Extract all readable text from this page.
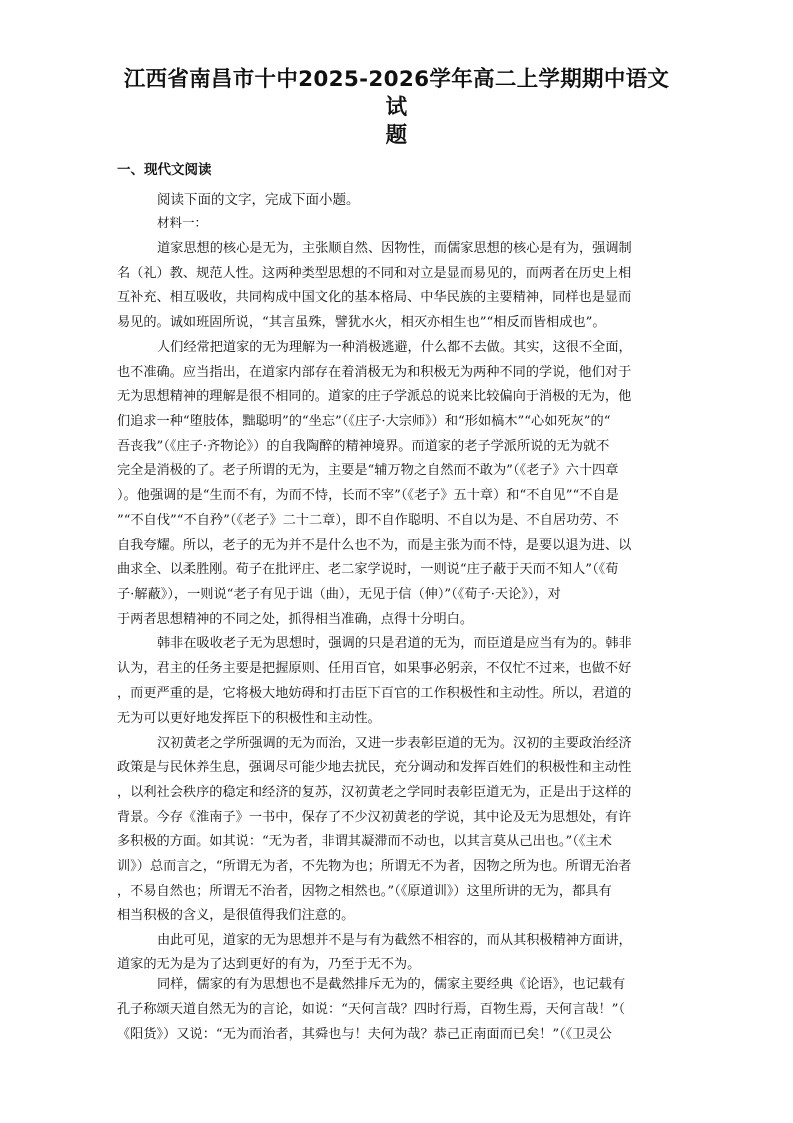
江西省南昌市十中2025-2026学年高二上学期期中语文试
题
一、现代文阅读

阅读下面的文字，完成下面小题。

材料一：

道家思想的核心是无为，主张顺自然、因物性，而儒家思想的核心是有为，强调制

名（礼）教、规范人性。这两种类型思想的不同和对立是显而易见的，而两者在历史上相

互补充、相互吸收，共同构成中国文化的基本格局、中华民族的主要精神，同样也是显而

易见的。诚如班固所说，“其言虽殊，譬犹水火，相灭亦相生也”“相反而皆相成也”。

人们经常把道家的无为理解为一种消极逃避，什么都不去做。其实，这很不全面，

也不准确。应当指出，在道家内部存在着消极无为和积极无为两种不同的学说，他们对于

无为思想精神的理解是很不相同的。道家的庄子学派总的说来比较偏向于消极的无为，他

们追求一种“堕肢体，黜聪明”的“坐忘”（《庄子·大宗师》）和“形如槁木”“心如死灰”的“

吾丧我”（《庄子·齐物论》）的自我陶醉的精神境界。而道家的老子学派所说的无为就不

完全是消极的了。老子所谓的无为，主要是“辅万物之自然而不敢为”（《老子》六十四章

）。他强调的是“生而不有，为而不恃，长而不宰”（《老子》五十章）和“不自见”“不自是

”“不自伐”“不自矜”（《老子》二十二章），即不自作聪明、不自以为是、不自居功劳、不

自我夸耀。所以，老子的无为并不是什么也不为，而是主张为而不恃，是要以退为进、以

曲求全、以柔胜刚。荀子在批评庄、老二家学说时，一则说“庄子蔽于天而不知人”（《荀

子·解蔽》），一则说“老子有见于诎（曲），无见于信（伸）”（《荀子·天论》），对

于两者思想精神的不同之处，抓得相当准确，点得十分明白。

韩非在吸收老子无为思想时，强调的只是君道的无为，而臣道是应当有为的。韩非

认为，君主的任务主要是把握原则、任用百官，如果事必躬亲，不仅忙不过来，也做不好

，而更严重的是，它将极大地妨碍和打击臣下百官的工作积极性和主动性。所以，君道的

无为可以更好地发挥臣下的积极性和主动性。

汉初黄老之学所强调的无为而治，又进一步表彰臣道的无为。汉初的主要政治经济

政策是与民休养生息，强调尽可能少地去扰民，充分调动和发挥百姓们的积极性和主动性

，以利社会秩序的稳定和经济的复苏，汉初黄老之学同时表彰臣道无为，正是出于这样的

背景。今存《淮南子》一书中，保存了不少汉初黄老的学说，其中论及无为思想处，有许

多积极的方面。如其说：“无为者，非谓其凝滞而不动也，以其言莫从己出也。”（《主术

训》）总而言之，“所谓无为者，不先物为也；所谓无不为者，因物之所为也。所谓无治者

，不易自然也；所谓无不治者，因物之相然也。”（《原道训》）这里所讲的无为，都具有

相当积极的含义，是很值得我们注意的。

由此可见，道家的无为思想并不是与有为截然不相容的，而从其积极精神方面讲，

道家的无为是为了达到更好的有为，乃至于无不为。

同样，儒家的有为思想也不是截然排斥无为的，儒家主要经典《论语》，也记载有

孔子称颂天道自然无为的言论，如说：“天何言哉？四时行焉，百物生焉，天何言哉！”（

《阳货》）又说：“无为而治者，其舜也与！夫何为哉？恭己正南面而已矣！”（《卫灵公
